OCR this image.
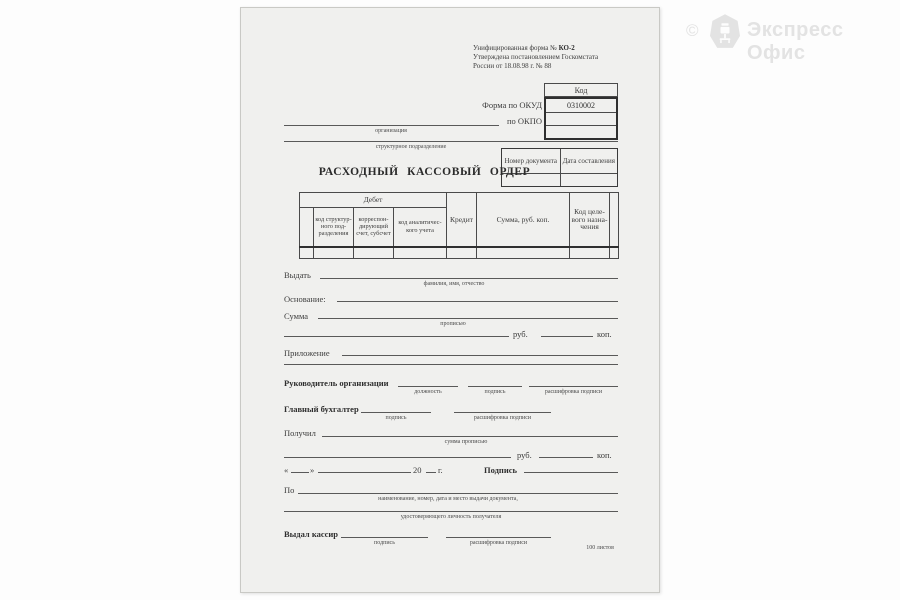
© Экспресс Офис
Унифицированная форма № КО-2
Утверждена постановлением Госкомстата
России от 18.08.98 г. № 88
Код
0310002
Форма по ОКУД
по ОКПО
организация
структурное подразделение
Номер документа Дата составления
РАСХОДНЫЙ КАССОВЫЙ ОРДЕР
Дебет				Кредит	Сумма, руб. коп.	Код целевого назначения	
	код структурного подразделения	корреспондирующий счет, субсчет	код аналитического учета				

Выдать
фамилия, имя, отчество
Основание:
Сумма
прописью
руб.	коп.
Приложение
Руководитель организации
должность	подпись	расшифровка подписи
Главный бухгалтер
подпись	расшифровка подписи
Получил
сумма прописью
руб.	коп.
«	»	20 г.	Подпись
По
наименование, номер, дата и место выдачи документа,
удостоверяющего личность получателя
Выдал кассир
подпись	расшифровка подписи
100 листов
